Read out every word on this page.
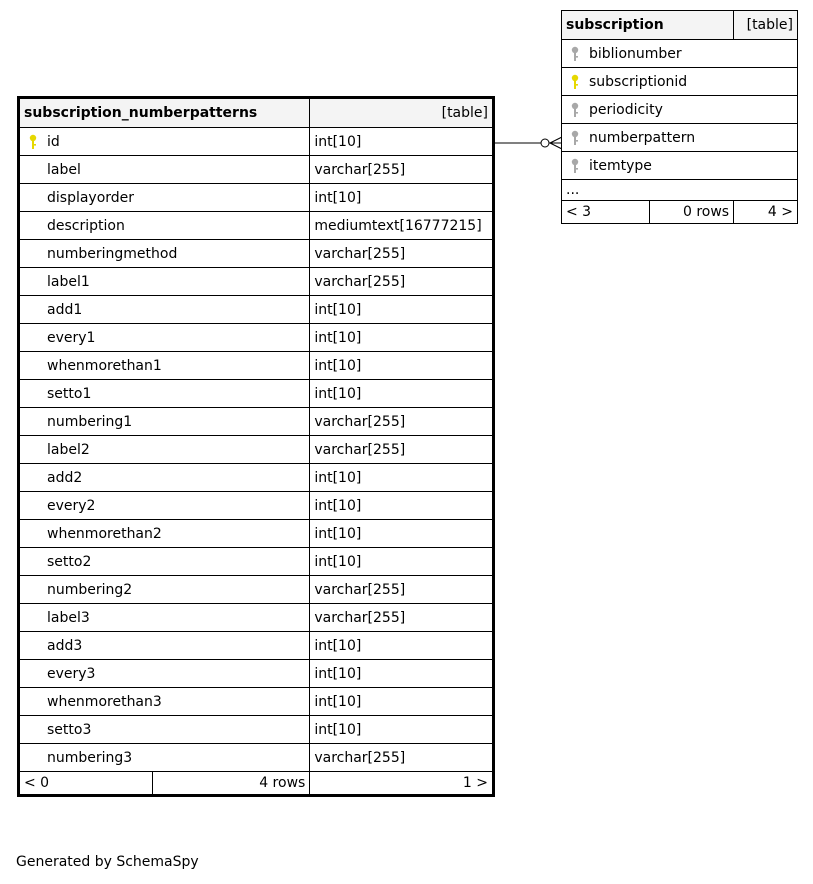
subscription_numberpatterns		[table]

id		int[10]
label		varchar[255]
displayorder		int[10]
description		mediumtext[16777215]
numberingmethod		varchar[255]
label1		varchar[255]
add1		int[10]
every1		int[10]
whenmorethan1		int[10]
setto1		int[10]
numbering1		varchar[255]
label2		varchar[255]
add2		int[10]
every2		int[10]
whenmorethan2		int[10]
setto2		int[10]
numbering2		varchar[255]
label3		varchar[255]
add3		int[10]
every3		int[10]
whenmorethan3		int[10]
setto3		int[10]
numbering3		varchar[255]
< 0	4 rows	1 >
subscription		[table]

biblionumber		

subscriptionid		

periodicity		

numberpattern		

itemtype		
...		
< 3	0 rows	4 >
Generated by SchemaSpy
